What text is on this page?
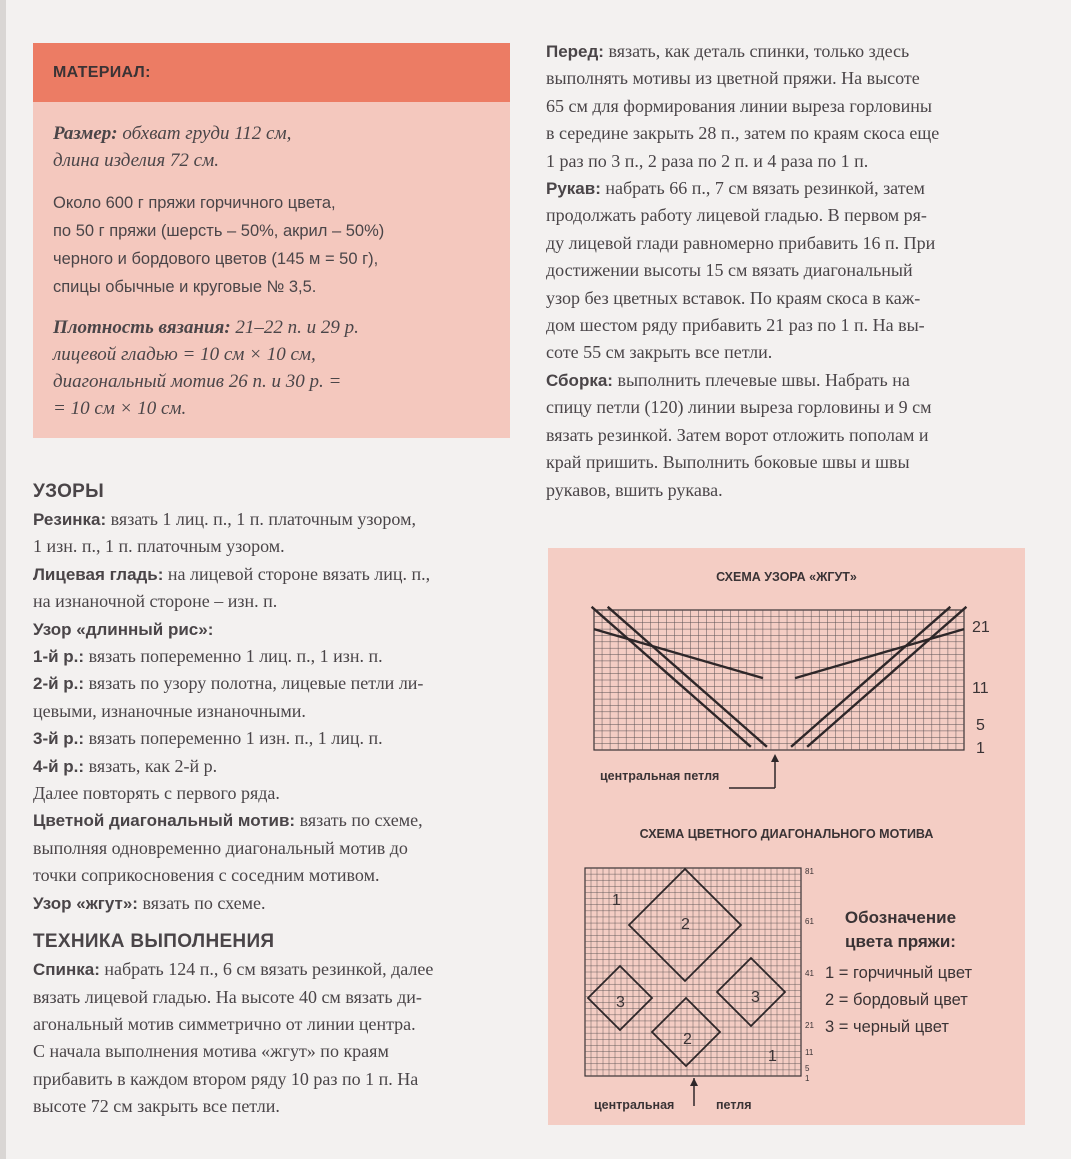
МАТЕРИАЛ:

Размер: обхват груди 112 см,
длина изделия 72 см.

Около 600 г пряжи горчичного цвета,
по 50 г пряжи (шерсть – 50%, акрил – 50%)
черного и бордового цветов (145 м = 50 г),
спицы обычные и круговые № 3,5.

Плотность вязания: 21–22 п. и 29 р.
лицевой гладью = 10 см × 10 см,
диагональный мотив 26 п. и 30 р. =
= 10 см × 10 см.

УЗОРЫ

Резинка: вязать 1 лиц. п., 1 п. платочным узором,

1 изн. п., 1 п. платочным узором.

Лицевая гладь: на лицевой стороне вязать лиц. п.,

на изнаночной стороне – изн. п.

Узор «длинный рис»:

1-й р.: вязать попеременно 1 лиц. п., 1 изн. п.

2-й р.: вязать по узору полотна, лицевые петли ли-

цевыми, изнаночные изнаночными.

3-й р.: вязать попеременно 1 изн. п., 1 лиц. п.

4-й р.: вязать, как 2-й р.

Далее повторять с первого ряда.

Цветной диагональный мотив: вязать по схеме,

выполняя одновременно диагональный мотив до

точки соприкосновения с соседним мотивом.

Узор «жгут»: вязать по схеме.

ТЕХНИКА ВЫПОЛНЕНИЯ

Спинка: набрать 124 п., 6 см вязать резинкой, далее

вязать лицевой гладью. На высоте 40 см вязать ди-

агональный мотив симметрично от линии центра.

С начала выполнения мотива «жгут» по краям

прибавить в каждом втором ряду 10 раз по 1 п. На

высоте 72 см закрыть все петли.

Перед: вязать, как деталь спинки, только здесь

выполнять мотивы из цветной пряжи. На высоте

65 см для формирования линии выреза горловины

в середине закрыть 28 п., затем по краям скоса еще

1 раз по 3 п., 2 раза по 2 п. и 4 раза по 1 п.

Рукав: набрать 66 п., 7 см вязать резинкой, затем

продолжать работу лицевой гладью. В первом ря-

ду лицевой глади равномерно прибавить 16 п. При

достижении высоты 15 см вязать диагональный

узор без цветных вставок. По краям скоса в каж-

дом шестом ряду прибавить 21 раз по 1 п. На вы-

соте 55 см закрыть все петли.

Сборка: выполнить плечевые швы. Набрать на

спицу петли (120) линии выреза горловины и 9 см

вязать резинкой. Затем ворот отложить пополам и

край пришить. Выполнить боковые швы и швы

рукавов, вшить рукава.

СХЕМА УЗОРА «ЖГУТ»
21
11
5
1
центральная петля
СХЕМА ЦВЕТНОГО ДИАГОНАЛЬНОГО МОТИВА
1
2
3	3
2
1
81
61
41
21
11
5
1
центральная	петля
Обозначение
цвета пряжи:
1 = горчичный цвет
2 = бордовый цвет
3 = черный цвет
